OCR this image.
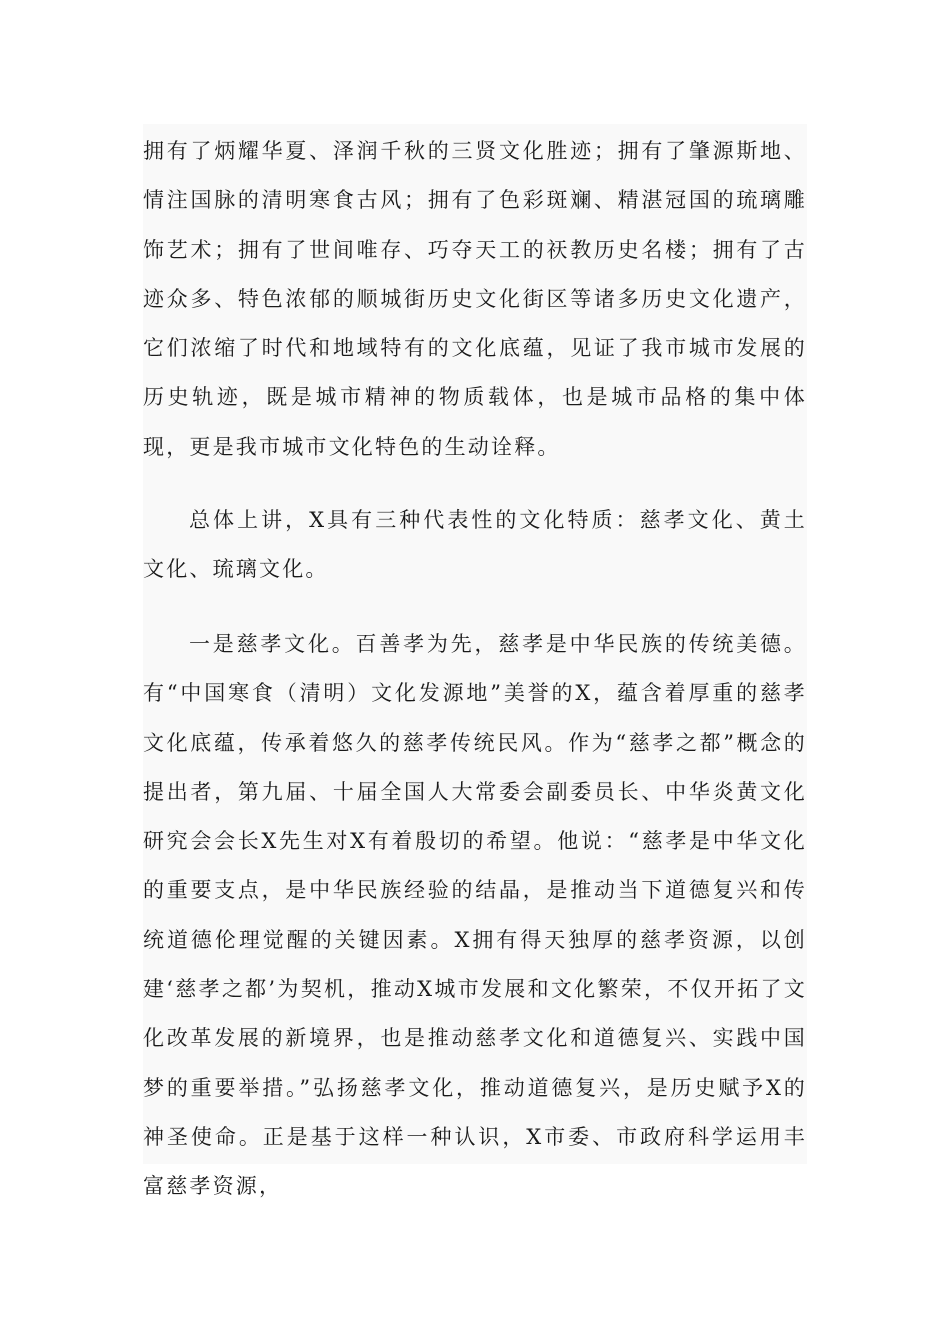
拥有了炳耀华夏、泽润千秋的三贤文化胜迹；拥有了肇源斯地、情注国脉的清明寒食古风；拥有了色彩斑斓、精湛冠国的琉璃雕饰艺术；拥有了世间唯存、巧夺天工的祆教历史名楼；拥有了古迹众多、特色浓郁的顺城街历史文化街区等诸多历史文化遗产，它们浓缩了时代和地域特有的文化底蕴，见证了我市城市发展的历史轨迹，既是城市精神的物质载体，也是城市品格的集中体现，更是我市城市文化特色的生动诠释。

总体上讲，X具有三种代表性的文化特质：慈孝文化、黄土文化、琉璃文化。

一是慈孝文化。百善孝为先，慈孝是中华民族的传统美德。有“中国寒食（清明）文化发源地”美誉的X，蕴含着厚重的慈孝文化底蕴，传承着悠久的慈孝传统民风。作为“慈孝之都”概念的提出者，第九届、十届全国人大常委会副委员长、中华炎黄文化研究会会长X先生对X有着殷切的希望。他说：“慈孝是中华文化的重要支点，是中华民族经验的结晶，是推动当下道德复兴和传统道德伦理觉醒的关键因素。X拥有得天独厚的慈孝资源，以创建‘慈孝之都’为契机，推动X城市发展和文化繁荣，不仅开拓了文化改革发展的新境界，也是推动慈孝文化和道德复兴、实践中国梦的重要举措。”弘扬慈孝文化，推动道德复兴，是历史赋予X的神圣使命。正是基于这样一种认识，X市委、市政府科学运用丰富慈孝资源，
